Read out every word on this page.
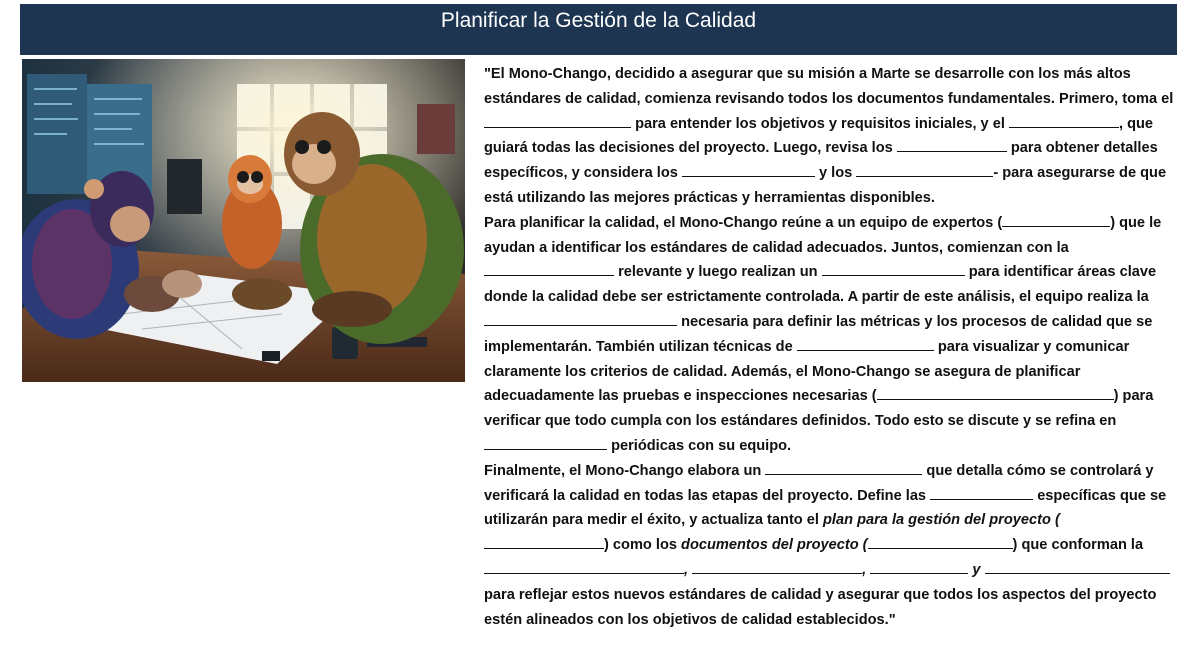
Planificar la Gestión de la Calidad

"El Mono-Chango, decidido a asegurar que su misión a Marte se desarrolle con los más altos estándares de calidad, comienza revisando todos los documentos fundamentales. Primero, toma el  para entender los objetivos y requisitos iniciales, y el	, que guiará todas las decisiones del proyecto. Luego, revisa los	para obtener detalles específicos, y considera los	y los	- para asegurarse de que está utilizando las mejores prácticas y herramientas disponibles.

Para planificar la calidad, el Mono-Chango reúne a un equipo de expertos (	) que le ayudan a identificar los estándares de calidad adecuados. Juntos, comienzan con la  relevante y luego realizan un	para identificar áreas clave donde la calidad debe ser estrictamente controlada. A partir de este análisis, el equipo realiza la  necesaria para definir las métricas y los procesos de calidad que se implementarán. También utilizan técnicas de	para visualizar y comunicar claramente los criterios de calidad. Además, el Mono-Chango se asegura de planificar adecuadamente las pruebas e inspecciones necesarias (	) para verificar que todo cumpla con los estándares definidos. Todo esto se discute y se refina en  periódicas con su equipo.

Finalmente, el Mono-Chango elabora un	que detalla cómo se controlará y verificará la calidad en todas las etapas del proyecto. Define las	específicas que se utilizarán para medir el éxito, y actualiza tanto el plan para la gestión del proyecto () como los documentos del proyecto (	) que conforman la ,	,	y  para reflejar estos nuevos estándares de calidad y asegurar que todos los aspectos del proyecto estén alineados con los objetivos de calidad establecidos."
